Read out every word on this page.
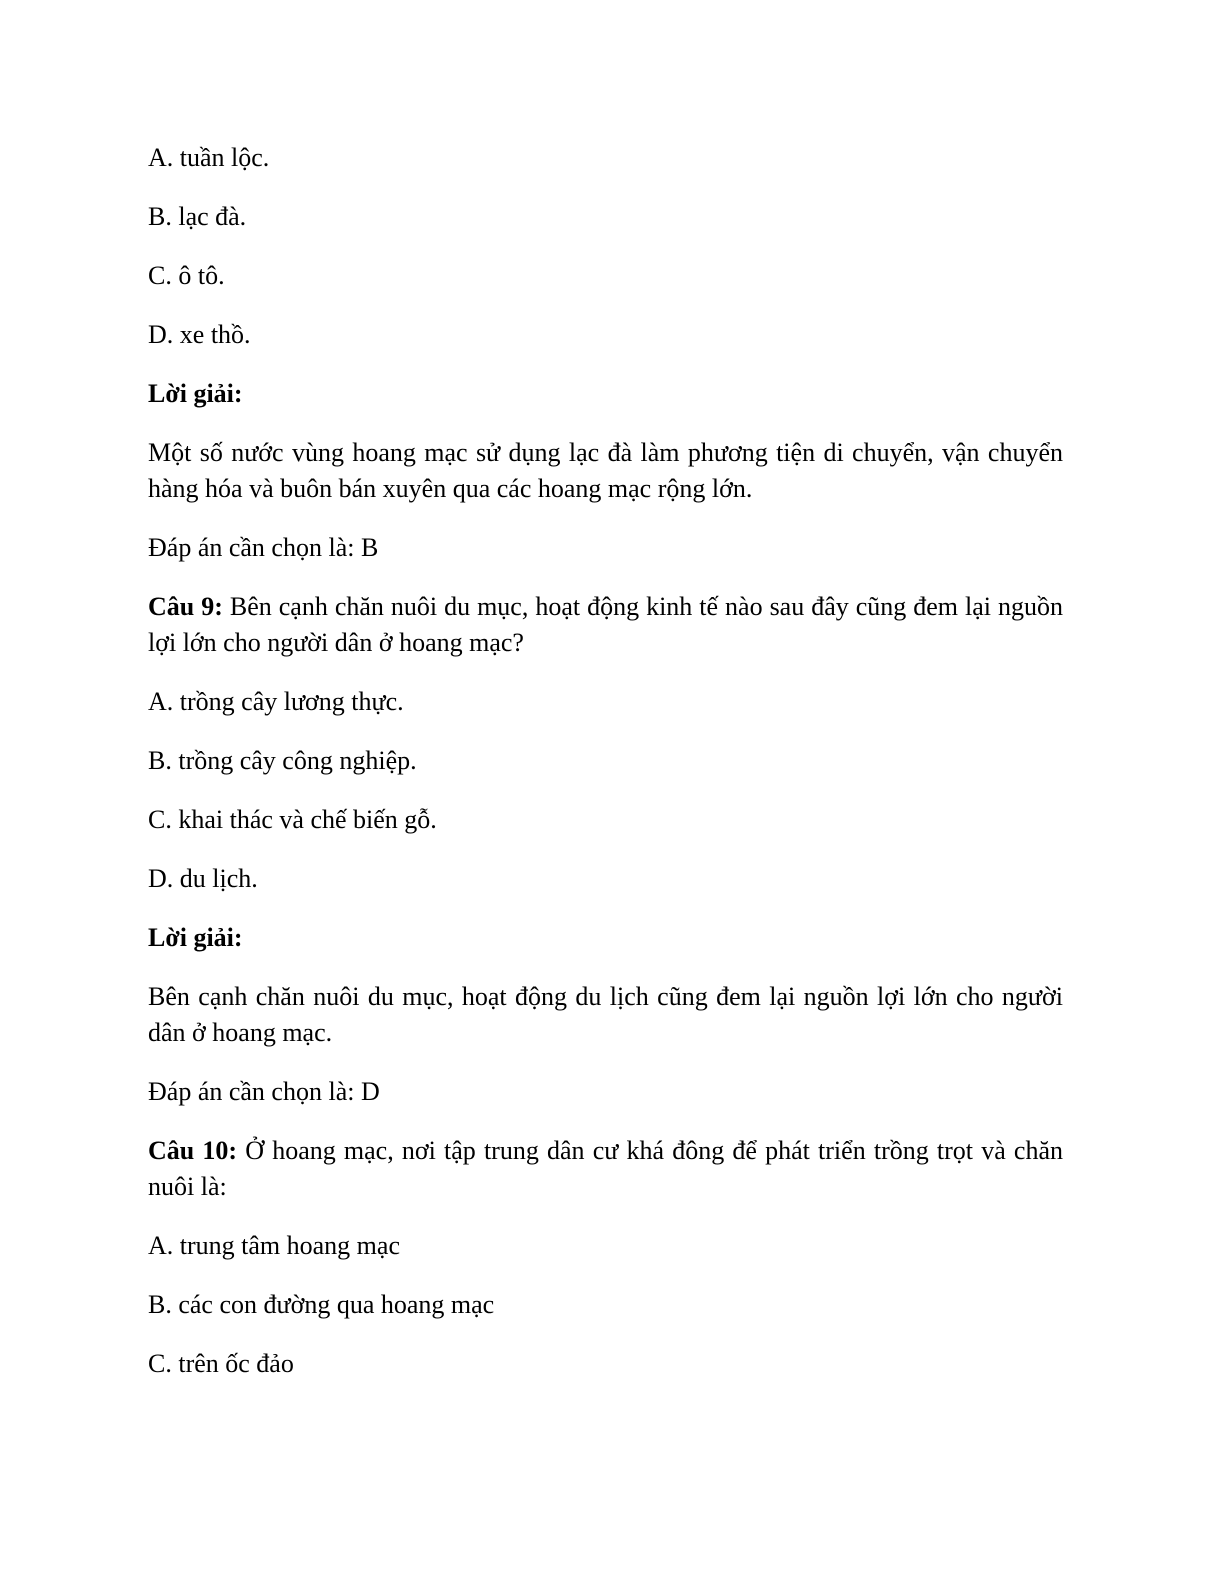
A. tuần lộc.

B. lạc đà.

C. ô tô.

D. xe thồ.

Lời giải:

Một số nước vùng hoang mạc sử dụng lạc đà làm phương tiện di chuyển, vận chuyển hàng hóa và buôn bán xuyên qua các hoang mạc rộng lớn.

Đáp án cần chọn là: B

Câu 9: Bên cạnh chăn nuôi du mục, hoạt động kinh tế nào sau đây cũng đem lại nguồn lợi lớn cho người dân ở hoang mạc?

A. trồng cây lương thực.

B. trồng cây công nghiệp.

C. khai thác và chế biến gỗ.

D. du lịch.

Lời giải:

Bên cạnh chăn nuôi du mục, hoạt động du lịch cũng đem lại nguồn lợi lớn cho người dân ở hoang mạc.

Đáp án cần chọn là: D

Câu 10: Ở hoang mạc, nơi tập trung dân cư khá đông để phát triển trồng trọt và chăn nuôi là:

A. trung tâm hoang mạc

B. các con đường qua hoang mạc

C. trên ốc đảo
